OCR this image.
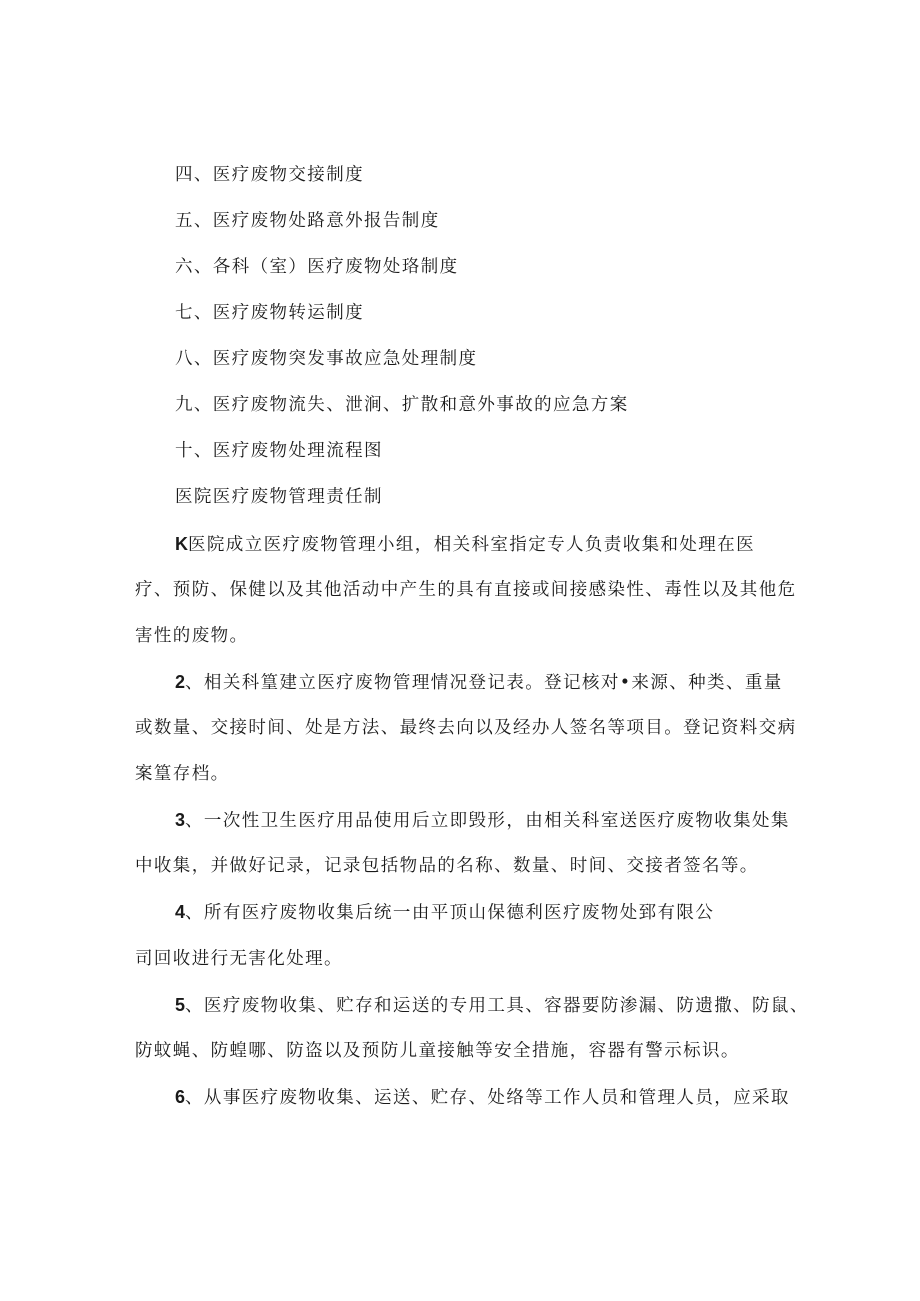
四、医疗废物交接制度

五、医疗废物处路意外报告制度

六、各科（室）医疗废物处珞制度

七、医疗废物转运制度

八、医疗废物突发事故应急处理制度

九、医疗废物流失、泄涧、扩散和意外事故的应急方案

十、医疗废物处理流程图

医院医疗废物管理责任制

K医院成立医疗废物管理小组，相关科室指定专人负责收集和处理在医

疗、预防、保健以及其他活动中产生的具有直接或间接感染性、毒性以及其他危

害性的废物。

2、相关科篁建立医疗废物管理情况登记表。登记核对•来源、种类、重量

或数量、交接时间、处是方法、最终去向以及经办人签名等项目。登记资料交病

案篁存档。

3、一次性卫生医疗用品使用后立即毁形，由相关科室送医疗废物收集处集

中收集，并做好记录，记录包括物品的名称、数量、时间、交接者签名等。

4、所有医疗废物收集后统一由平顶山保德利医疗废物处郅有限公

司回收进行无害化处理。

5、医疗废物收集、贮存和运送的专用工具、容器要防渗漏、防遗撒、防鼠、

防蚊蝇、防蝗哪、防盗以及预防儿童接触等安全措施，容器有警示标识。

6、从事医疗废物收集、运送、贮存、处络等工作人员和管理人员，应采取
